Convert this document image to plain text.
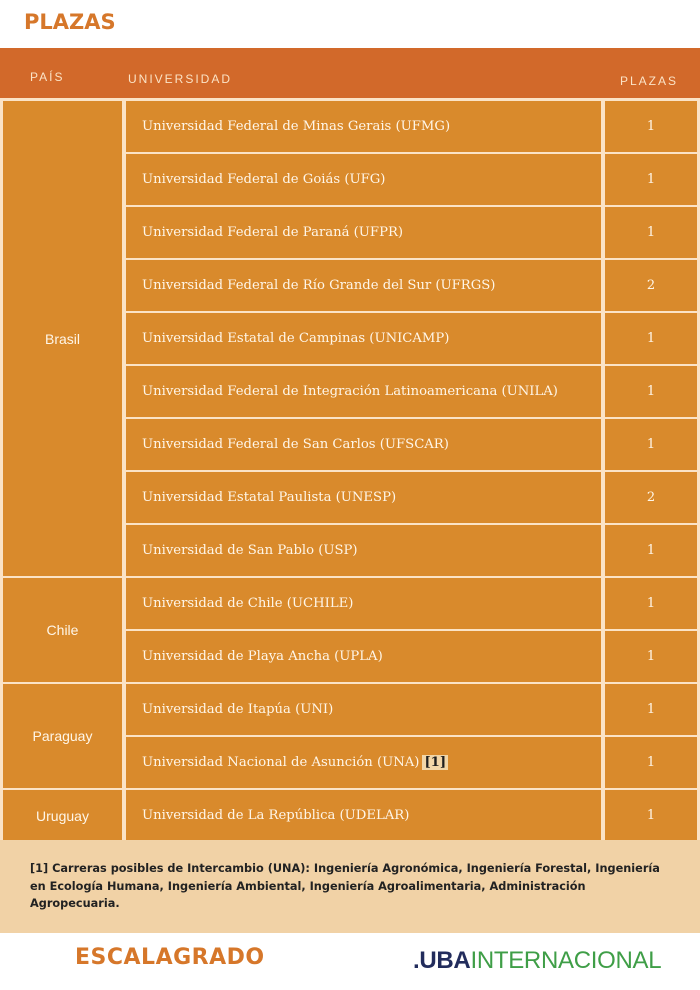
PLAZAS
PAÍS	UNIVERSIDAD	PLAZAS
Brasil
Universidad Federal de Minas Gerais (UFMG)	1
Universidad Federal de Goiás (UFG)	1
Universidad Federal de Paraná (UFPR)	1
Universidad Federal de Río Grande del Sur (UFRGS)	2
Universidad Estatal de Campinas (UNICAMP)	1
Universidad Federal de Integración Latinoamericana (UNILA)	1
Universidad Federal de San Carlos (UFSCAR)	1
Universidad Estatal Paulista (UNESP)	2
Universidad de San Pablo (USP)	1
Chile
Universidad de Chile (UCHILE)	1
Universidad de Playa Ancha (UPLA)	1
Paraguay
Universidad de Itapúa (UNI)	1
Universidad Nacional de Asunción (UNA) [1]	1
Uruguay	Universidad de La República (UDELAR)	1
[1] Carreras posibles de Intercambio (UNA): Ingeniería Agronómica, Ingeniería Forestal, Ingeniería en Ecología Humana, Ingeniería Ambiental, Ingeniería Agroalimentaria, Administración Agropecuaria.
ESCALAGRADO	.UBAINTERNACIONAL
